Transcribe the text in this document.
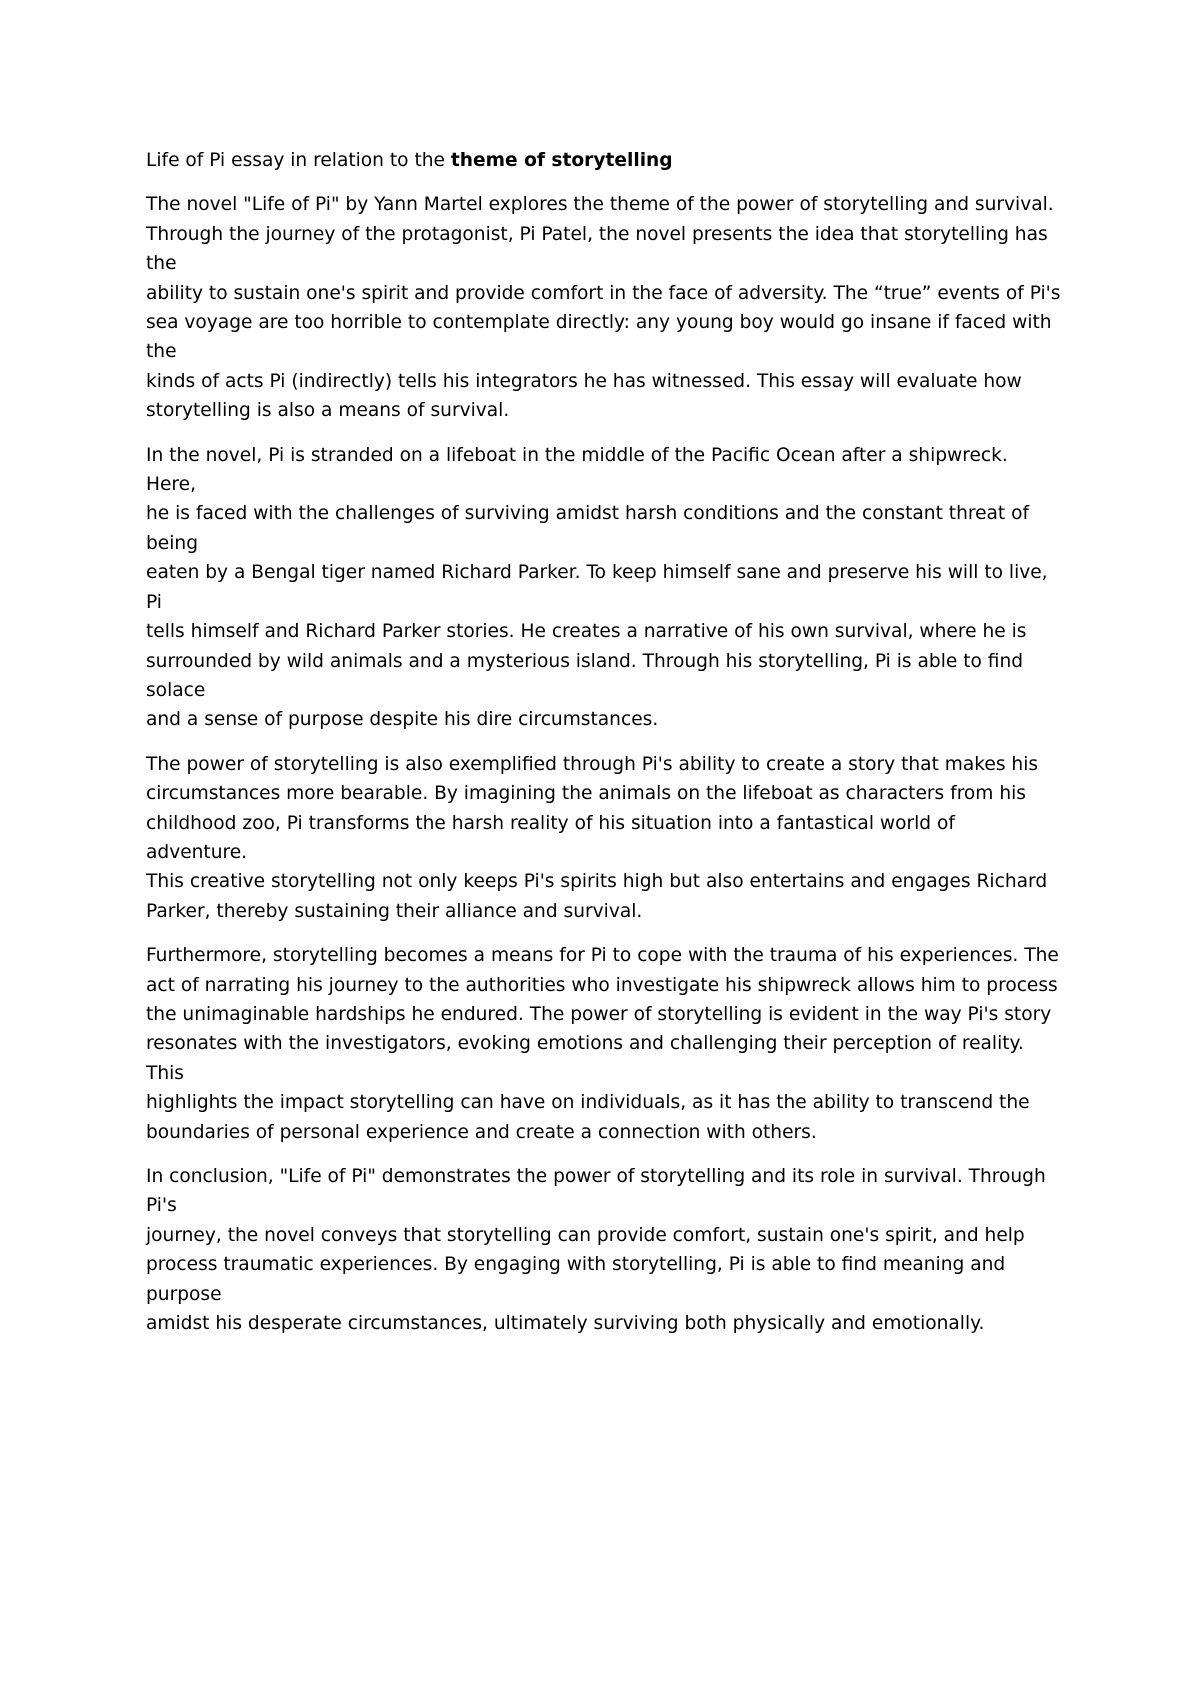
Life of Pi essay in relation to the theme of storytelling

The novel "Life of Pi" by Yann Martel explores the theme of the power of storytelling and survival.
Through the journey of the protagonist, Pi Patel, the novel presents the idea that storytelling has the
ability to sustain one's spirit and provide comfort in the face of adversity. The “true” events of Pi's
sea voyage are too horrible to contemplate directly: any young boy would go insane if faced with the
kinds of acts Pi (indirectly) tells his integrators he has witnessed. This essay will evaluate how
storytelling is also a means of survival.

In the novel, Pi is stranded on a lifeboat in the middle of the Pacific Ocean after a shipwreck. Here,
he is faced with the challenges of surviving amidst harsh conditions and the constant threat of being
eaten by a Bengal tiger named Richard Parker. To keep himself sane and preserve his will to live, Pi
tells himself and Richard Parker stories. He creates a narrative of his own survival, where he is
surrounded by wild animals and a mysterious island. Through his storytelling, Pi is able to find solace
and a sense of purpose despite his dire circumstances.

The power of storytelling is also exemplified through Pi's ability to create a story that makes his
circumstances more bearable. By imagining the animals on the lifeboat as characters from his
childhood zoo, Pi transforms the harsh reality of his situation into a fantastical world of adventure.
This creative storytelling not only keeps Pi's spirits high but also entertains and engages Richard
Parker, thereby sustaining their alliance and survival.

Furthermore, storytelling becomes a means for Pi to cope with the trauma of his experiences. The
act of narrating his journey to the authorities who investigate his shipwreck allows him to process
the unimaginable hardships he endured. The power of storytelling is evident in the way Pi's story
resonates with the investigators, evoking emotions and challenging their perception of reality. This
highlights the impact storytelling can have on individuals, as it has the ability to transcend the
boundaries of personal experience and create a connection with others.

In conclusion, "Life of Pi" demonstrates the power of storytelling and its role in survival. Through Pi's
journey, the novel conveys that storytelling can provide comfort, sustain one's spirit, and help
process traumatic experiences. By engaging with storytelling, Pi is able to find meaning and purpose
amidst his desperate circumstances, ultimately surviving both physically and emotionally.
